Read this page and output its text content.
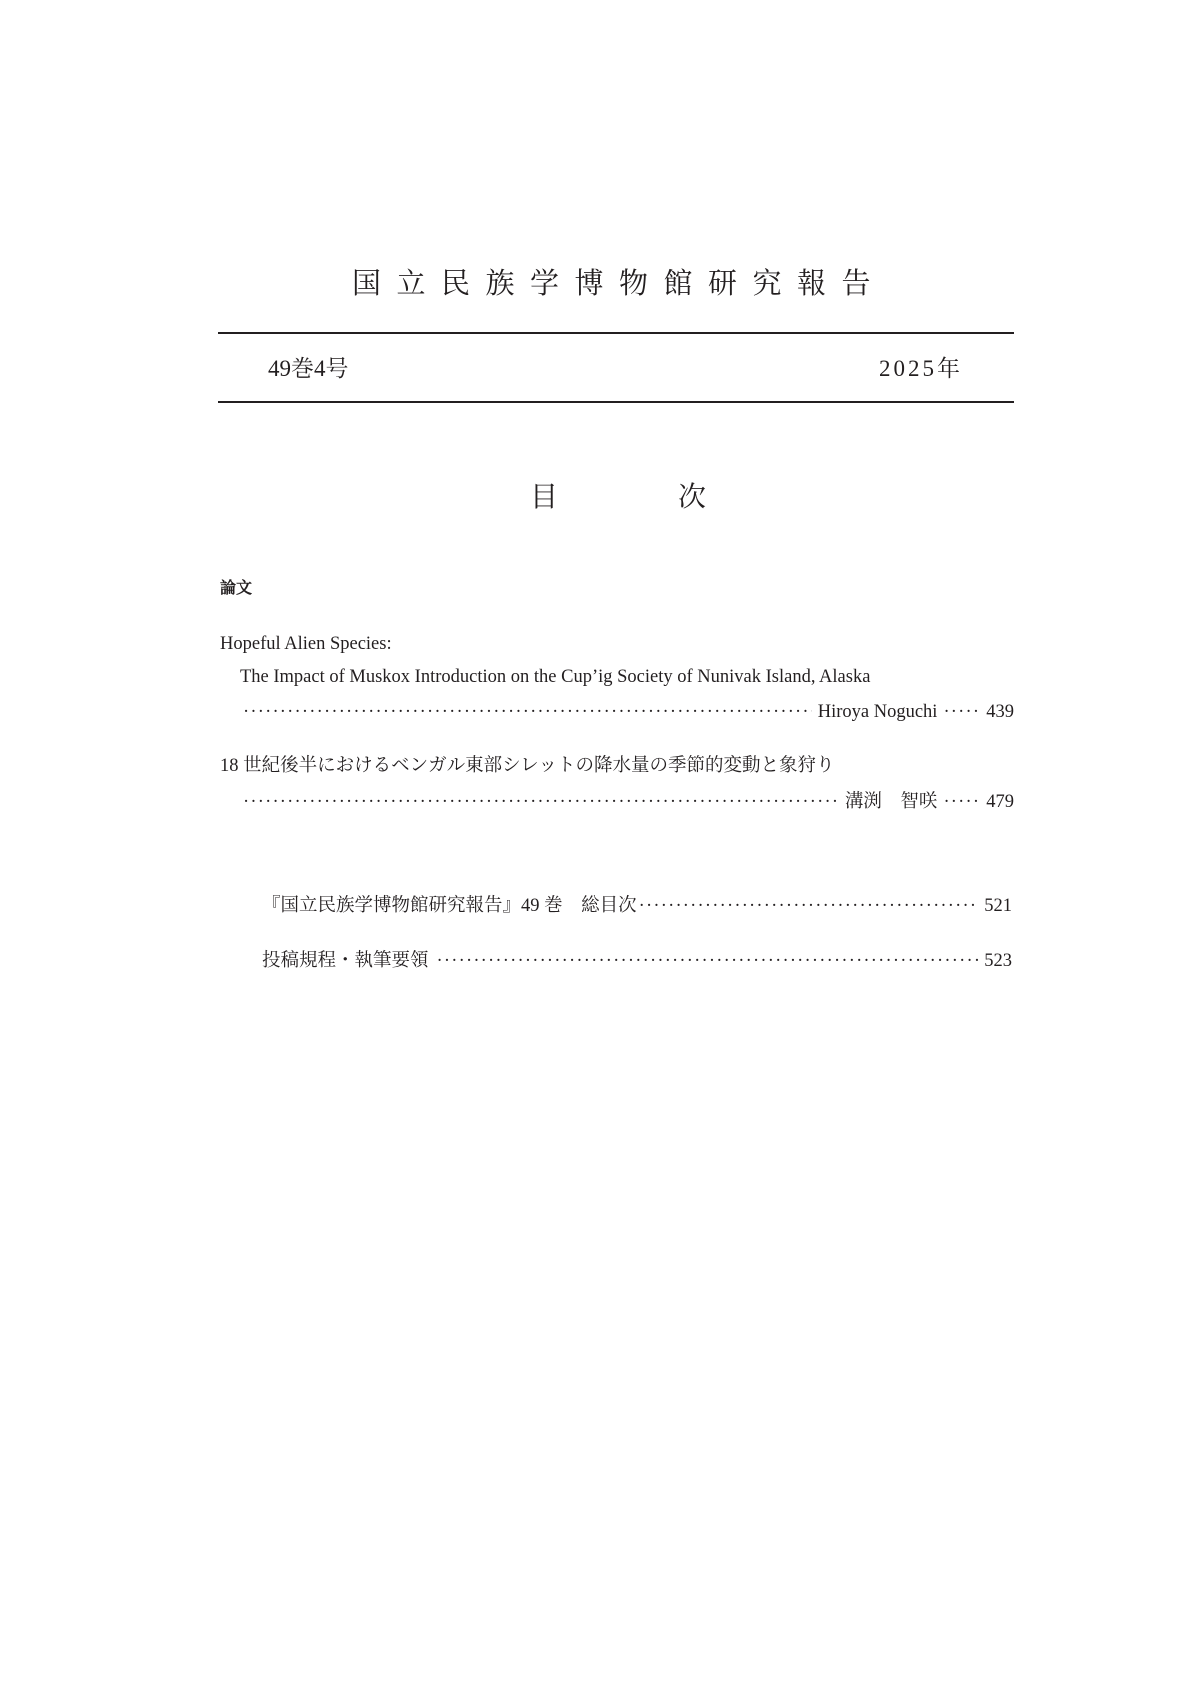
国立民族学博物館研究報告
49巻4号	2025年
目	次
論文
Hopeful Alien Species:
The Impact of Muskox Introduction on the Cup’ig Society of Nunivak Island, Alaska
·····
Hiroya Noguchi ····· 439
18 世紀後半におけるベンガル東部シレットの降水量の季節的変動と象狩り
·····
溝渕　智咲 ····· 479
『国立民族学博物館研究報告』49 巻　総目次 ·····	521
投稿規程・執筆要領 ·····	523
